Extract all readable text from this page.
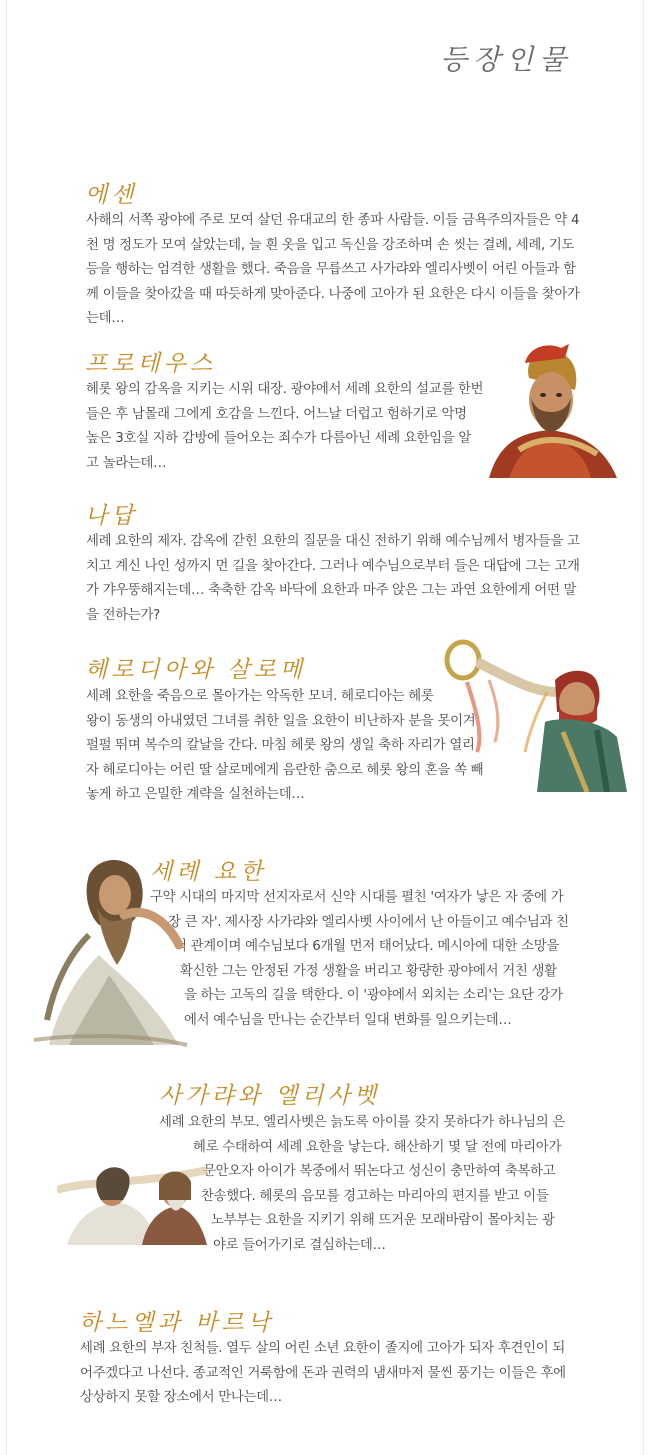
등장인물
에센
사해의 서쪽 광야에 주로 모여 살던 유대교의 한 종파 사람들. 이들 금욕주의자들은 약 4
천 명 정도가 모여 살았는데, 늘 흰 옷을 입고 독신을 강조하며 손 씻는 결례, 세례, 기도
등을 행하는 엄격한 생활을 했다. 죽음을 무릅쓰고 사가랴와 엘리사벳이 어린 아들과 함
께 이들을 찾아갔을 때 따듯하게 맞아준다. 나중에 고아가 된 요한은 다시 이들을 찾아가
는데…
프로테우스
헤롯 왕의 감옥을 지키는 시위 대장. 광야에서 세례 요한의 설교를 한번
들은 후 남몰래 그에게 호감을 느낀다. 어느날 더럽고 험하기로 악명
높은 3호실 지하 감방에 들어오는 죄수가 다름아닌 세례 요한임을 알
고 놀라는데…
나답
세례 요한의 제자. 감옥에 갇힌 요한의 질문을 대신 전하기 위해 예수님께서 병자들을 고
치고 계신 나인 성까지 먼 길을 찾아간다. 그러나 예수님으로부터 들은 대답에 그는 고개
가 갸우뚱해지는데… 축축한 감옥 바닥에 요한과 마주 앉은 그는 과연 요한에게 어떤 말
을 전하는가?
헤로디아와 살로메
세례 요한을 죽음으로 몰아가는 악독한 모녀. 헤로디아는 헤롯
왕이 동생의 아내였던 그녀를 취한 일을 요한이 비난하자 분을 못이겨
펄펄 뛰며 복수의 칼날을 간다. 마침 헤롯 왕의 생일 축하 자리가 열리
자 헤로디아는 어린 딸 살로메에게 음란한 춤으로 헤롯 왕의 혼을 쏙 빼
놓게 하고 은밀한 계략을 실천하는데…
세례 요한
구약 시대의 마지막 선지자로서 신약 시대를 펼친 '여자가 낳은 자 중에 가
장 큰 자'. 제사장 사가랴와 엘리사벳 사이에서 난 아들이고 예수님과 친
척 관계이며 예수님보다 6개월 먼저 태어났다. 메시아에 대한 소망을
확신한 그는 안정된 가정 생활을 버리고 황량한 광야에서 거친 생활
을 하는 고독의 길을 택한다. 이 '광야에서 외치는 소리'는 요단 강가
에서 예수님을 만나는 순간부터 일대 변화를 일으키는데…
사가랴와 엘리사벳
세례 요한의 부모. 엘리사벳은 늙도록 아이를 갖지 못하다가 하나님의 은
혜로 수태하여 세례 요한을 낳는다. 해산하기 몇 달 전에 마리아가
문안오자 아이가 복중에서 뛰논다고 성신이 충만하여 축복하고
찬송했다. 헤롯의 음모를 경고하는 마리아의 편지를 받고 이들
노부부는 요한을 지키기 위해 뜨거운 모래바람이 몰아치는 광
야로 들어가기로 결심하는데…
하느엘과 바르낙
세례 요한의 부자 친척들. 열두 살의 어린 소년 요한이 졸지에 고아가 되자 후견인이 되
어주겠다고 나선다. 종교적인 거룩함에 돈과 권력의 냄새마저 물씬 풍기는 이들은 후에
상상하지 못할 장소에서 만나는데…
